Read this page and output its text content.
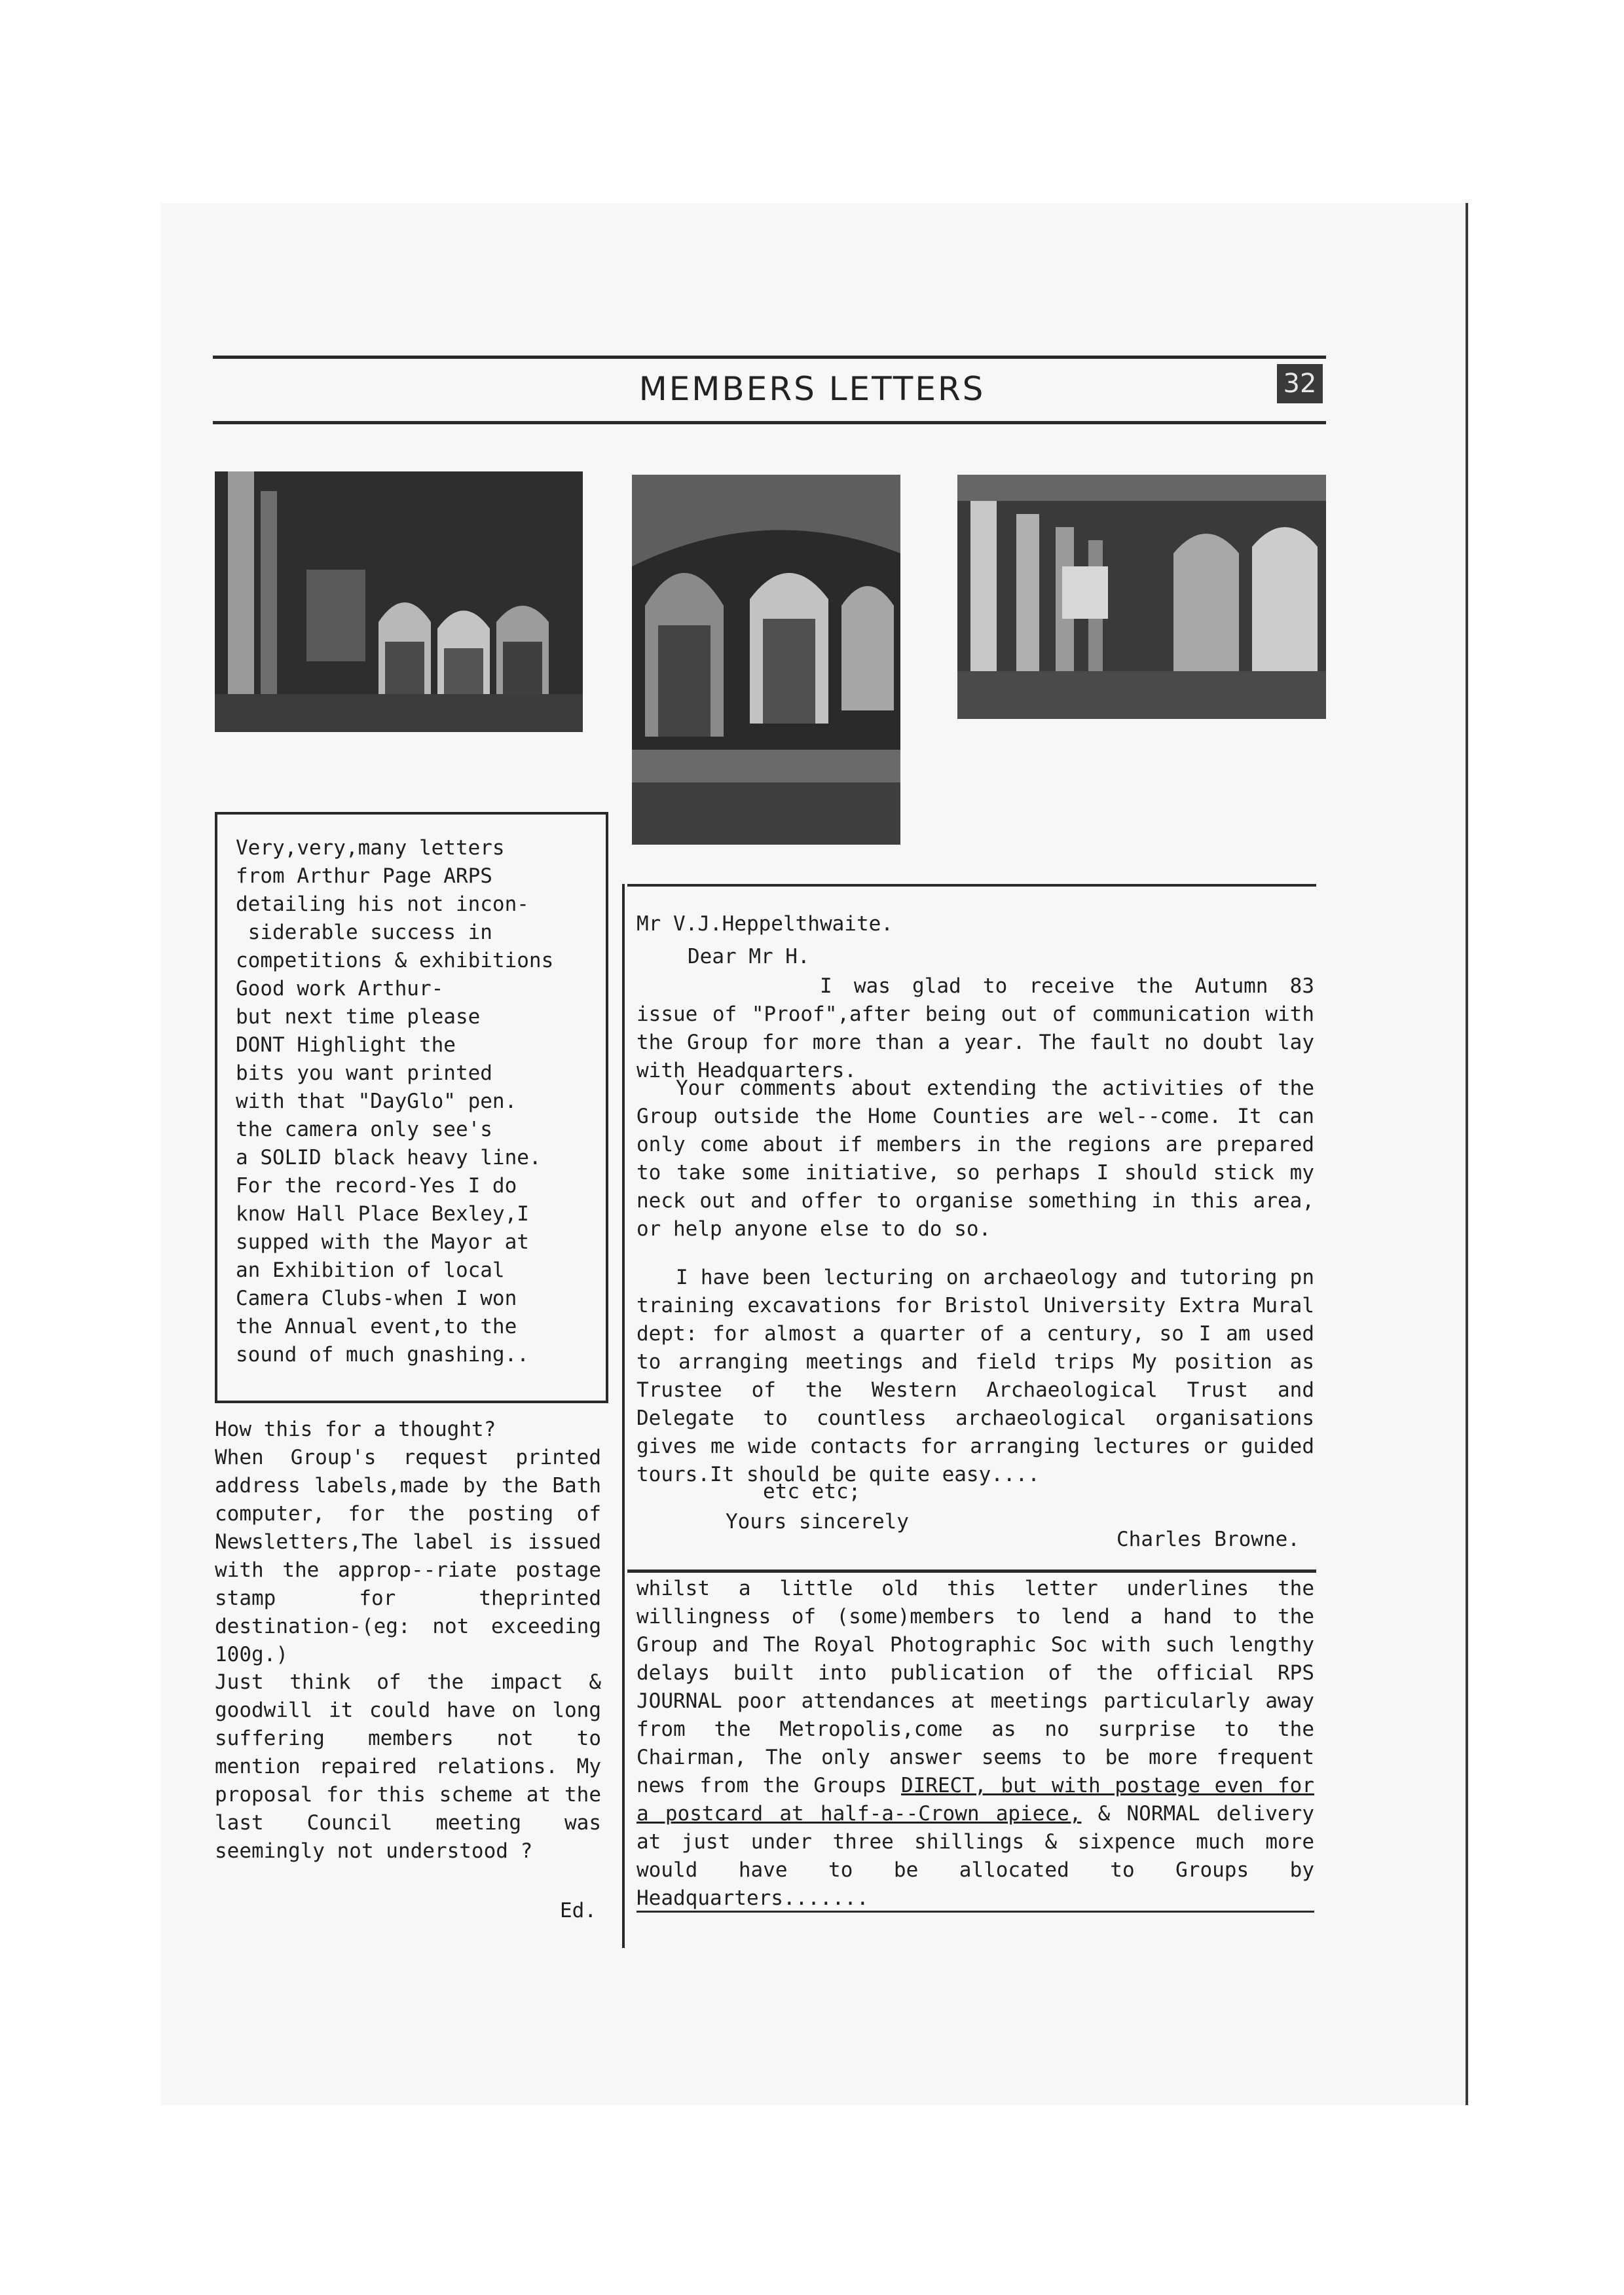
MEMBERS LETTERS	32
Very,very,many letters
from Arthur Page ARPS
detailing his not incon-
siderable success in
competitions & exhibitions
Good work Arthur-
but next time please
DONT Highlight the
bits you want printed
with that "DayGlo" pen.
the camera only see's
a SOLID black heavy line.
For the record-Yes I do
know Hall Place Bexley,I
supped with the Mayor at
an Exhibition of local
Camera Clubs-when I won
the Annual event,to the
sound of much gnashing..
How this for a thought?
When Group's request printed address labels,made by the Bath computer, for the posting of Newsletters,The label is issued with the approp--riate postage stamp for theprinted destination-(eg: not exceeding 100g.)
Just think of the impact & goodwill it could have on long suffering members not to mention repaired relations. My proposal for this scheme at the last Council meeting was seemingly not understood ?
Ed.
Mr V.J.Heppelthwaite.
Dear Mr H.
I was glad to receive the Autumn 83 issue of "Proof",after being out of communication with the Group for more than a year. The fault no doubt lay with Headquarters.
Your comments about extending the activities of the Group outside the Home Counties are wel--come. It can only come about if members in the regions are prepared to take some initiative, so perhaps I should stick my neck out and offer to organise something in this area, or help anyone else to do so.
I have been lecturing on archaeology and tutoring pn training excavations for Bristol University Extra Mural dept: for almost a quarter of a century, so I am used to arranging meetings and field trips My position as Trustee of the Western Archaeological Trust and Delegate to countless archaeological organisations gives me wide contacts for arranging lectures or guided tours.It should be quite easy....
etc etc;
Yours sincerely
Charles Browne.
whilst a little old this letter underlines the willingness of (some)members to lend a hand to the Group and The Royal Photographic Soc with such lengthy delays built into publication of the official RPS JOURNAL poor attendances at meetings particularly away from the Metropolis,come as no surprise to the Chairman, The only answer seems to be more frequent news from the Groups DIRECT, but with postage even for a postcard at half-a--Crown apiece, & NORMAL delivery at just under three shillings & sixpence much more would have to be allocated to Groups by Headquarters.......
